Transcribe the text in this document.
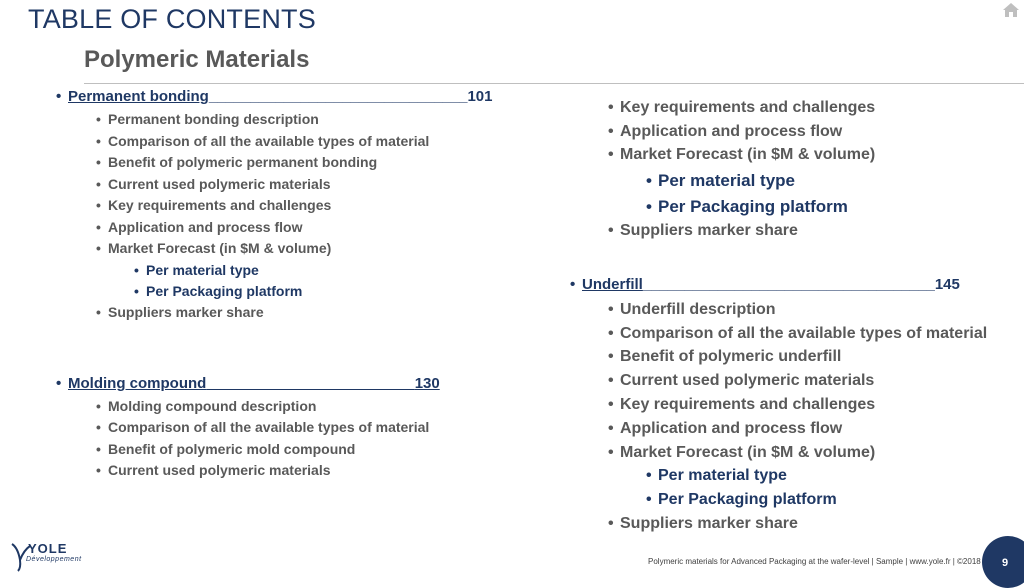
TABLE OF CONTENTS
Polymeric Materials
• Permanent bonding_______________________________101
• Permanent bonding description
• Comparison of all the available types of material
• Benefit of polymeric permanent bonding
• Current used polymeric materials
• Key requirements and challenges
• Application and process flow
• Market Forecast (in $M & volume)
• Per material type
• Per Packaging platform
• Suppliers marker share
• Molding compound	130
• Molding compound description
• Comparison of all the available types of material
• Benefit of polymeric mold compound
• Current used polymeric materials
• Key requirements and challenges
• Application and process flow
• Market Forecast (in $M & volume)
• Per material type
• Per Packaging platform
• Suppliers marker share
• Underfill___________________________________145
• Underfill description
• Comparison of all the available types of material
• Benefit of polymeric underfill
• Current used polymeric materials
• Key requirements and challenges
• Application and process flow
• Market Forecast (in $M & volume)
• Per material type
• Per Packaging platform
• Suppliers marker share
YOLE
Développement	Polymeric materials for Advanced Packaging at the wafer-level | Sample | www.yole.fr | ©2018 9
